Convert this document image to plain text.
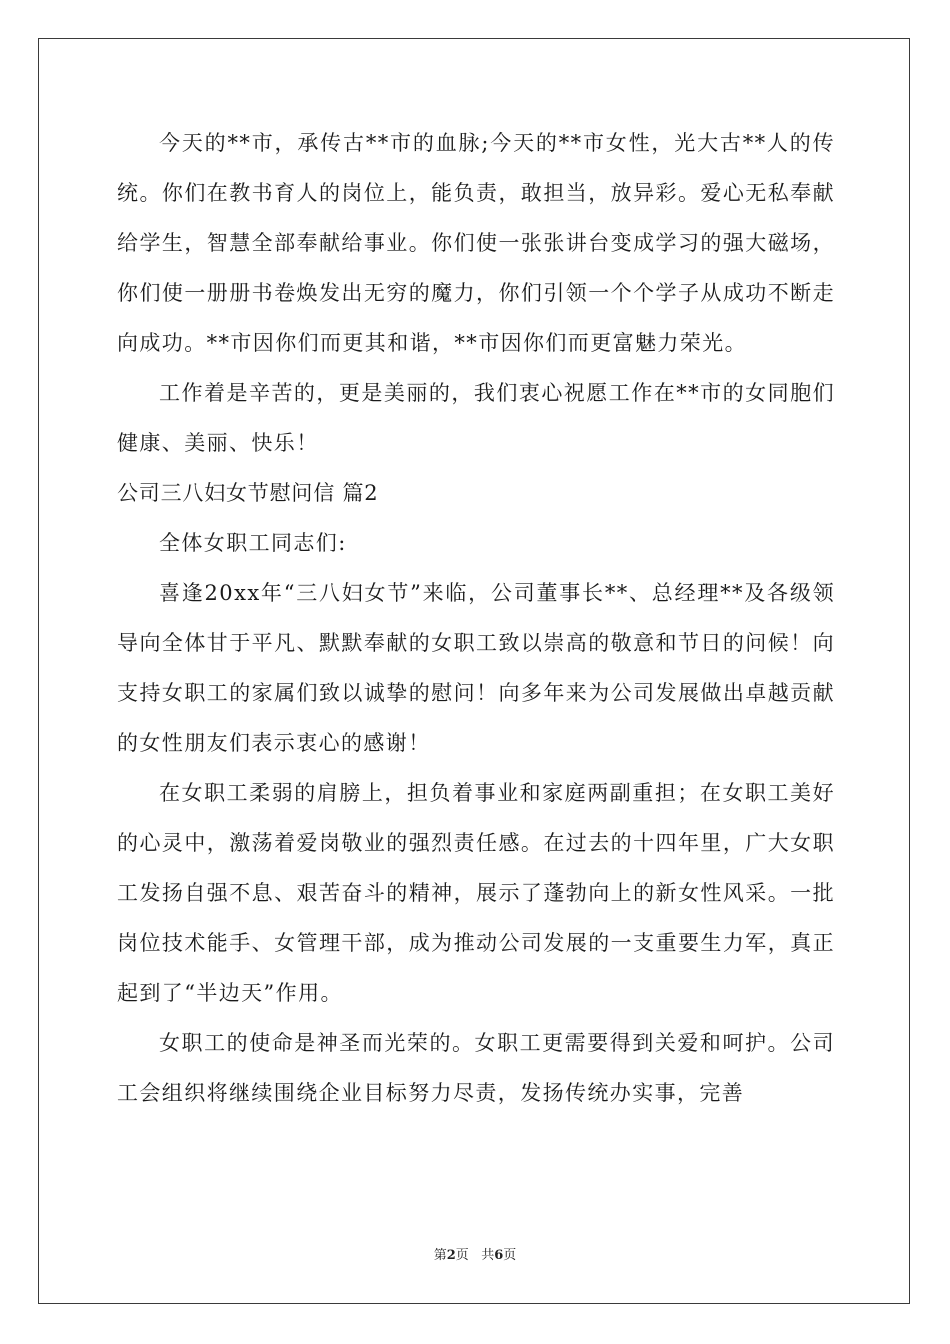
今天的**市，承传古**市的血脉;今天的**市女性，光大古**人的传统。你们在教书育人的岗位上，能负责，敢担当，放异彩。爱心无私奉献给学生，智慧全部奉献给事业。你们使一张张讲台变成学习的强大磁场，你们使一册册书卷焕发出无穷的魔力，你们引领一个个学子从成功不断走向成功。**市因你们而更其和谐，**市因你们而更富魅力荣光。

工作着是辛苦的，更是美丽的，我们衷心祝愿工作在**市的女同胞们健康、美丽、快乐！

公司三八妇女节慰问信 篇2

全体女职工同志们:

喜逢20xx年“三八妇女节”来临，公司董事长**、总经理**及各级领导向全体甘于平凡、默默奉献的女职工致以崇高的敬意和节日的问候！向支持女职工的家属们致以诚挚的慰问！向多年来为公司发展做出卓越贡献的女性朋友们表示衷心的感谢！

在女职工柔弱的肩膀上，担负着事业和家庭两副重担；在女职工美好的心灵中，激荡着爱岗敬业的强烈责任感。在过去的十四年里，广大女职工发扬自强不息、艰苦奋斗的精神，展示了蓬勃向上的新女性风采。一批岗位技术能手、女管理干部，成为推动公司发展的一支重要生力军，真正起到了“半边天”作用。

女职工的使命是神圣而光荣的。女职工更需要得到关爱和呵护。公司工会组织将继续围绕企业目标努力尽责，发扬传统办实事，完善

第2页   共6页
